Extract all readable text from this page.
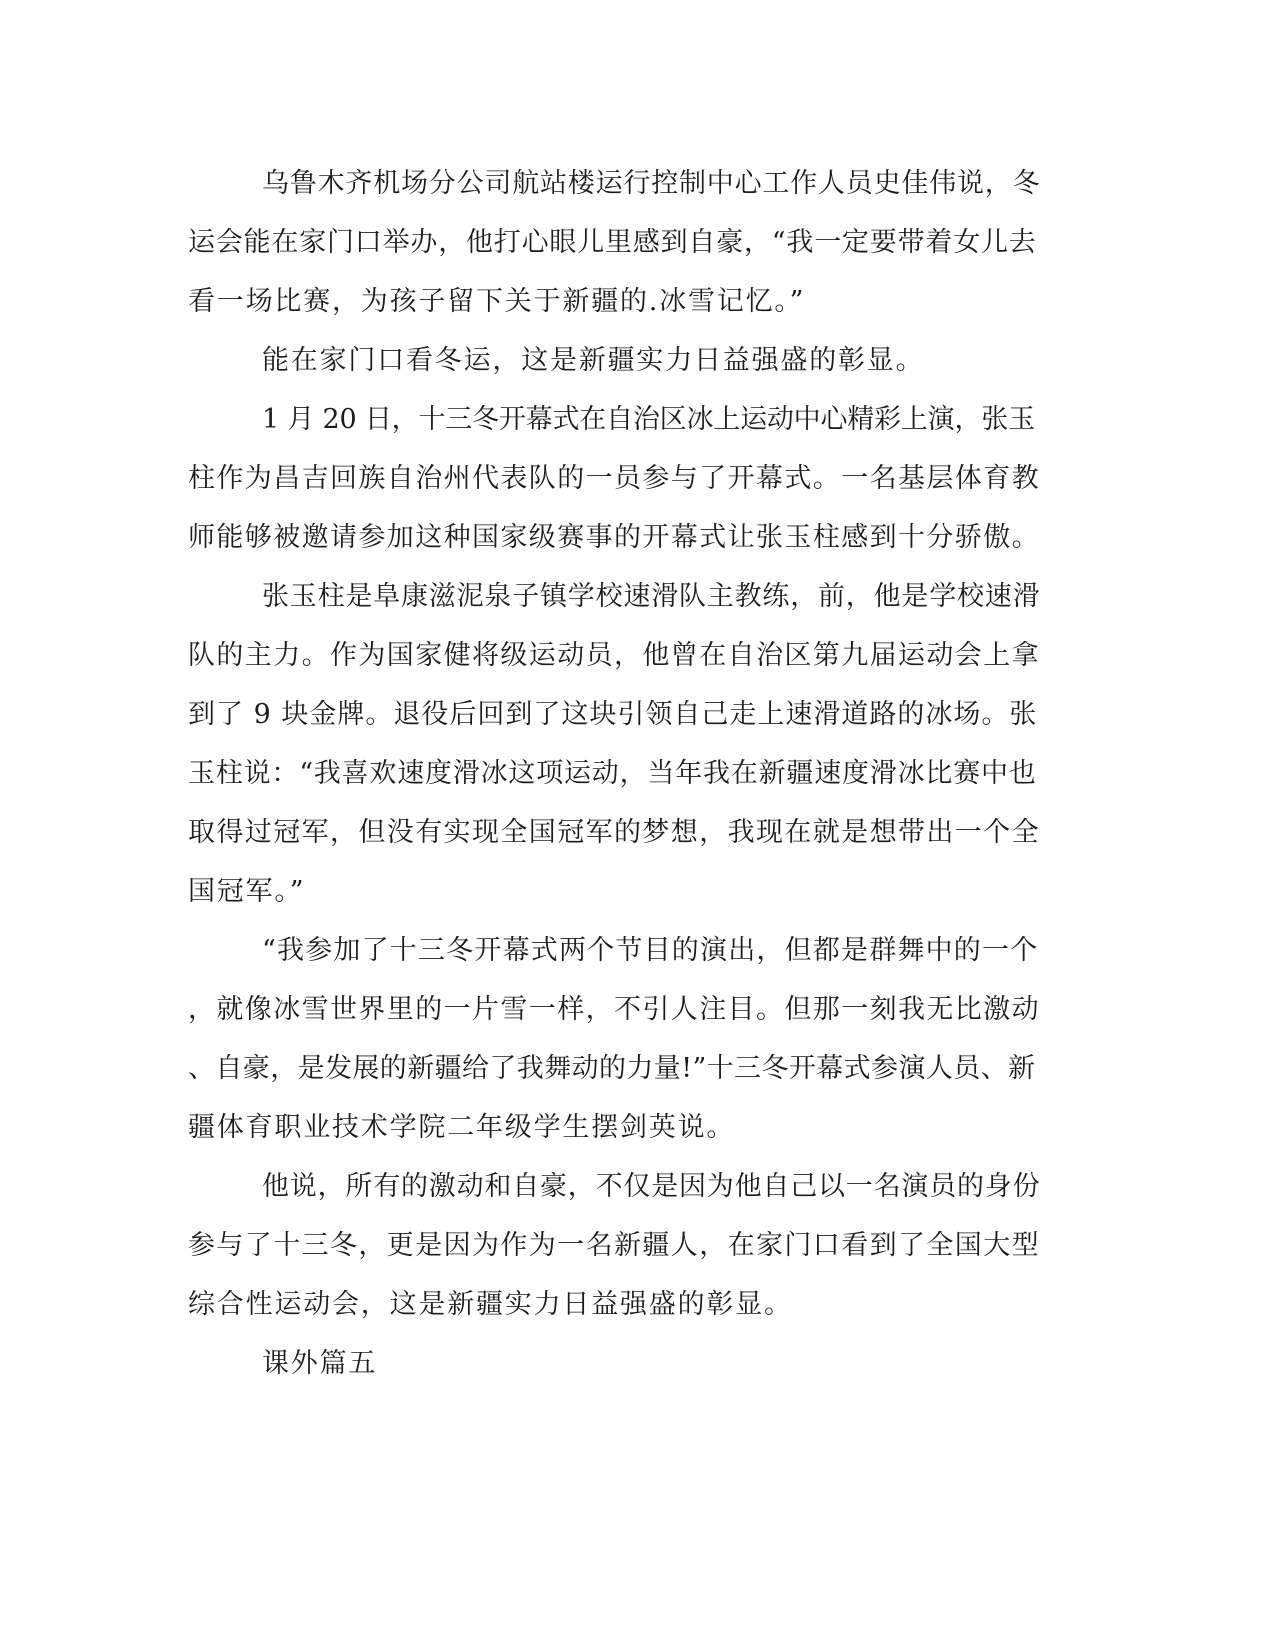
乌鲁木齐机场分公司航站楼运行控制中心工作人员史佳伟说，冬

运会能在家门口举办，他打心眼儿里感到自豪，“我一定要带着女儿去

看一场比赛，为孩子留下关于新疆的.冰雪记忆。”

能在家门口看冬运，这是新疆实力日益强盛的彰显。

1 月 20 日，十三冬开幕式在自治区冰上运动中心精彩上演，张玉

柱作为昌吉回族自治州代表队的一员参与了开幕式。一名基层体育教

师能够被邀请参加这种国家级赛事的开幕式让张玉柱感到十分骄傲。

张玉柱是阜康滋泥泉子镇学校速滑队主教练，前，他是学校速滑

队的主力。作为国家健将级运动员，他曾在自治区第九届运动会上拿

到了 9 块金牌。退役后回到了这块引领自己走上速滑道路的冰场。张

玉柱说：“我喜欢速度滑冰这项运动，当年我在新疆速度滑冰比赛中也

取得过冠军，但没有实现全国冠军的梦想，我现在就是想带出一个全

国冠军。”

“我参加了十三冬开幕式两个节目的演出，但都是群舞中的一个

，就像冰雪世界里的一片雪一样，不引人注目。但那一刻我无比激动

、自豪，是发展的新疆给了我舞动的力量!”十三冬开幕式参演人员、新

疆体育职业技术学院二年级学生摆剑英说。

他说，所有的激动和自豪，不仅是因为他自己以一名演员的身份

参与了十三冬，更是因为作为一名新疆人，在家门口看到了全国大型

综合性运动会，这是新疆实力日益强盛的彰显。

课外篇五
